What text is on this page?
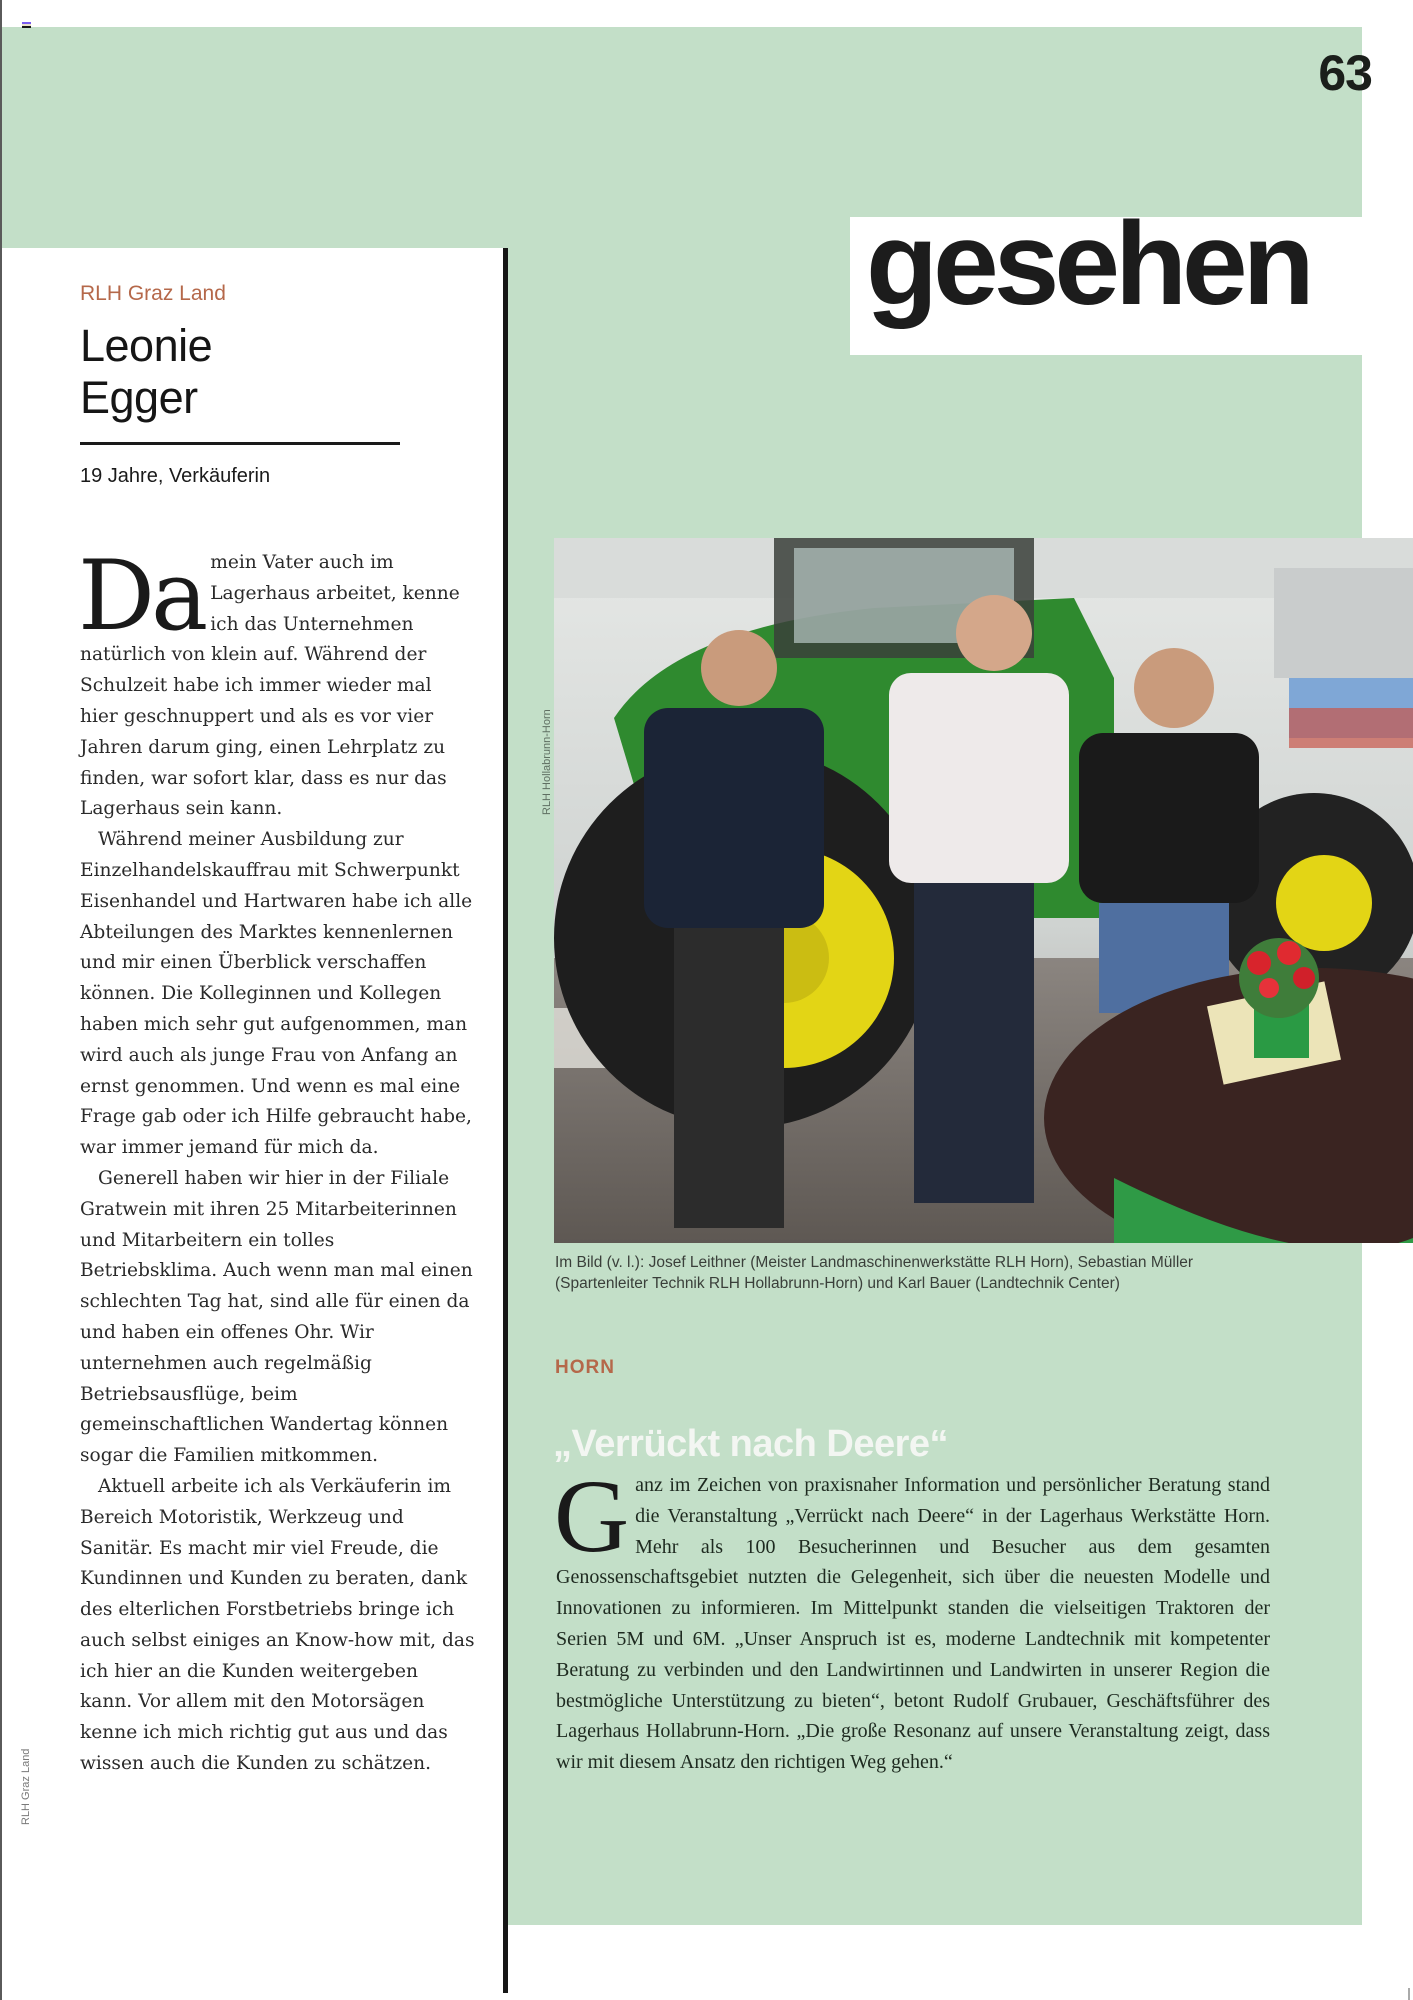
63
gesehen

RLH Graz Land

Leonie
Egger
19 Jahre, Verkäuferin

Da mein Vater auch im Lagerhaus arbeitet, kenne ich das Unternehmen natürlich von klein auf. Während der Schulzeit habe ich immer wieder mal hier geschnuppert und als es vor vier Jahren darum ging, einen Lehrplatz zu finden, war sofort klar, dass es nur das Lagerhaus sein kann.

Während meiner Ausbildung zur Einzelhandelskauffrau mit Schwerpunkt Eisenhandel und Hartwaren habe ich alle Abteilungen des Marktes kennenlernen und mir einen Überblick verschaffen können. Die Kolleginnen und Kollegen haben mich sehr gut aufgenommen, man wird auch als junge Frau von Anfang an ernst genommen. Und wenn es mal eine Frage gab oder ich Hilfe gebraucht habe, war immer jemand für mich da.

Generell haben wir hier in der Filiale Gratwein mit ihren 25 Mitarbeiterinnen und Mitarbeitern ein tolles Betriebsklima. Auch wenn man mal einen schlechten Tag hat, sind alle für einen da und haben ein offenes Ohr. Wir unternehmen auch regelmäßig Betriebsausflüge, beim gemeinschaftlichen Wandertag können sogar die Familien mitkommen.

Aktuell arbeite ich als Verkäuferin im Bereich Motoristik, Werkzeug und Sanitär. Es macht mir viel Freude, die Kundinnen und Kunden zu beraten, dank des elterlichen Forstbetriebs bringe ich auch selbst einiges an Know-how mit, das ich hier an die Kunden weitergeben kann. Vor allem mit den Motorsägen kenne ich mich richtig gut aus und das wissen auch die Kunden zu schätzen.

RLH Graz Land
RLH Hollabrunn-Horn
Im Bild (v. l.): Josef Leithner (Meister Landmaschinenwerkstätte RLH Horn), Sebastian Müller (Spartenleiter Technik RLH Hollabrunn-Horn) und Karl Bauer (Landtechnik Center)
HORN
„Verrückt nach Deere“

Ganz im Zeichen von praxisnaher Information und persönlicher Beratung stand die Veranstaltung „Verrückt nach Deere“ in der Lagerhaus Werkstätte Horn. Mehr als 100 Besucherinnen und Besucher aus dem gesamten Genossenschaftsgebiet nutzten die Gelegenheit, sich über die neuesten Modelle und Innovationen zu informieren. Im Mittelpunkt standen die vielseitigen Traktoren der Serien 5M und 6M. „Unser Anspruch ist es, moderne Landtechnik mit kompetenter Beratung zu verbinden und den Landwirtinnen und Landwirten in unserer Region die bestmögliche Unterstützung zu bieten“, betont Rudolf Grubauer, Geschäftsführer des Lagerhaus Hollabrunn-Horn. „Die große Resonanz auf unsere Veranstaltung zeigt, dass wir mit diesem Ansatz den richtigen Weg gehen.“
